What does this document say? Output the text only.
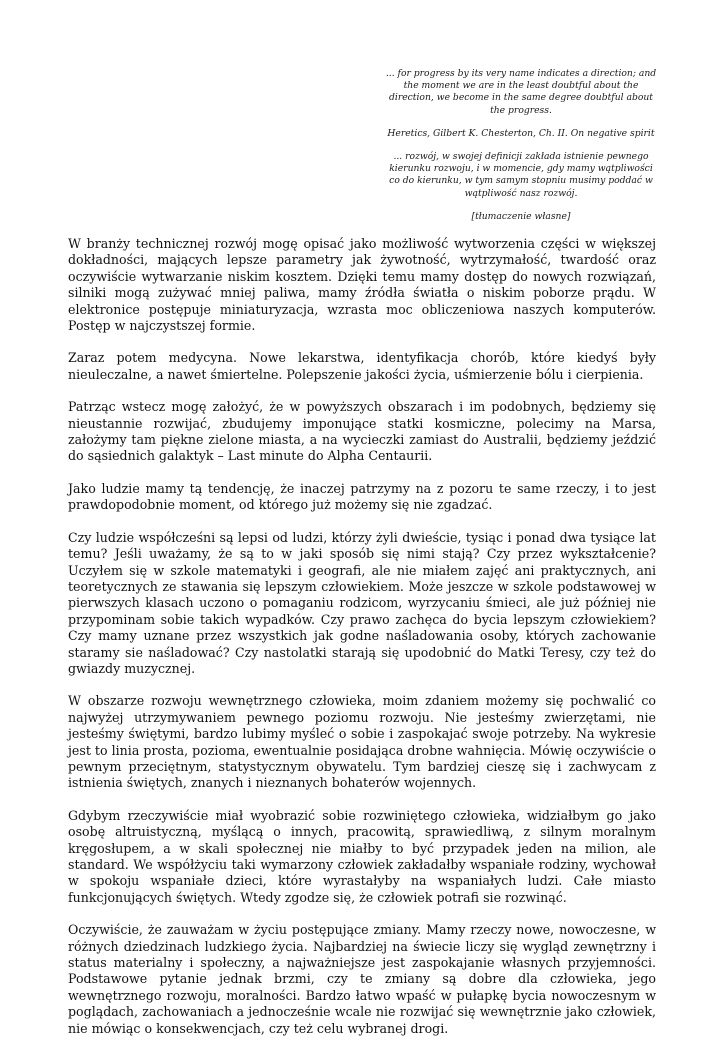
... for progress by its very name indicates a direction; and the moment we are in the least doubtful about the direction, we become in the same degree doubtful about the progress.

Heretics, Gilbert K. Chesterton, Ch. II. On negative spirit

... rozwój, w swojej definicji zakłada istnienie pewnego kierunku rozwoju, i w momencie, gdy mamy wątpliwości co do kierunku, w tym samym stopniu musimy poddać w wątpliwość nasz rozwój.

[tłumaczenie własne]

W branży technicznej rozwój mogę opisać jako możliwość wytworzenia części w większej dokładności, mających lepsze parametry jak żywotność, wytrzymałość, twardość oraz oczywiście wytwarzanie niskim kosztem. Dzięki temu mamy dostęp do nowych rozwiązań, silniki mogą zużywać mniej paliwa, mamy źródła światła o niskim poborze prądu. W elektronice postępuje miniaturyzacja, wzrasta moc obliczeniowa naszych komputerów. Postęp w najczystszej formie.

Zaraz potem medycyna. Nowe lekarstwa, identyfikacja chorób, które kiedyś były nieuleczalne, a nawet śmiertelne. Polepszenie jakości życia, uśmierzenie bólu i cierpienia.

Patrząc wstecz mogę założyć, że w powyższych obszarach i im podobnych, będziemy się nieustannie rozwijać, zbudujemy imponujące statki kosmiczne, polecimy na Marsa, założymy tam piękne zielone miasta, a na wycieczki zamiast do Australii, będziemy jeździć do sąsiednich galaktyk – Last minute do Alpha Centaurii.

Jako ludzie mamy tą tendencję, że inaczej patrzymy na z pozoru te same rzeczy, i to jest prawdopodobnie moment, od którego już możemy się nie zgadzać.

Czy ludzie współcześni są lepsi od ludzi, którzy żyli dwieście, tysiąc i ponad dwa tysiące lat temu? Jeśli uważamy, że są to w jaki sposób się nimi stają? Czy przez wykształcenie? Uczyłem się w szkole matematyki i geografi, ale nie miałem zajęć ani praktycznych, ani teoretycznych ze stawania się lepszym człowiekiem. Może jeszcze w szkole podstawowej w pierwszych klasach uczono o pomaganiu rodzicom, wyrzycaniu śmieci, ale już później nie przypominam sobie takich wypadków. Czy prawo zachęca do bycia lepszym człowiekiem? Czy mamy uznane przez wszystkich jak godne naśladowania osoby, których zachowanie staramy sie naśladować? Czy nastolatki starają się upodobnić do Matki Teresy, czy też do gwiazdy muzycznej.

W obszarze rozwoju wewnętrznego człowieka, moim zdaniem możemy się pochwalić co najwyżej utrzymywaniem pewnego poziomu rozwoju. Nie jesteśmy zwierzętami, nie jesteśmy świętymi, bardzo lubimy myśleć o sobie i zaspokajać swoje potrzeby. Na wykresie jest to linia prosta, pozioma, ewentualnie posidająca drobne wahnięcia. Mówię oczywiście o pewnym przeciętnym, statystycznym obywatelu. Tym bardziej cieszę się i zachwycam z istnienia świętych, znanych i nieznanych bohaterów wojennych.

Gdybym rzeczywiście miał wyobrazić sobie rozwiniętego człowieka, widziałbym go jako osobę altruistyczną, myślącą o innych, pracowitą, sprawiedliwą, z silnym moralnym kręgosłupem, a w skali społecznej nie miałby to być przypadek jeden na milion, ale standard. We współżyciu taki wymarzony człowiek zakładałby wspaniałe rodziny, wychował w spokoju wspaniałe dzieci, które wyrastałyby na wspaniałych ludzi. Całe miasto funkcjonujących świętych. Wtedy zgodze się, że człowiek potrafi sie rozwinąć.

Oczywiście, że zauważam w życiu postępujące zmiany. Mamy rzeczy nowe, nowoczesne, w różnych dziedzinach ludzkiego życia. Najbardziej na świecie liczy się wygląd zewnętrzny i status materialny i społeczny, a najważniejsze jest zaspokajanie własnych przyjemności. Podstawowe pytanie jednak brzmi, czy te zmiany są dobre dla człowieka, jego wewnętrznego rozwoju, moralności. Bardzo łatwo wpaść w pułapkę bycia nowoczesnym w poglądach, zachowaniach a jednocześnie wcale nie rozwijać się wewnętrznie jako człowiek, nie mówiąc o konsekwencjach, czy też celu wybranej drogi.
